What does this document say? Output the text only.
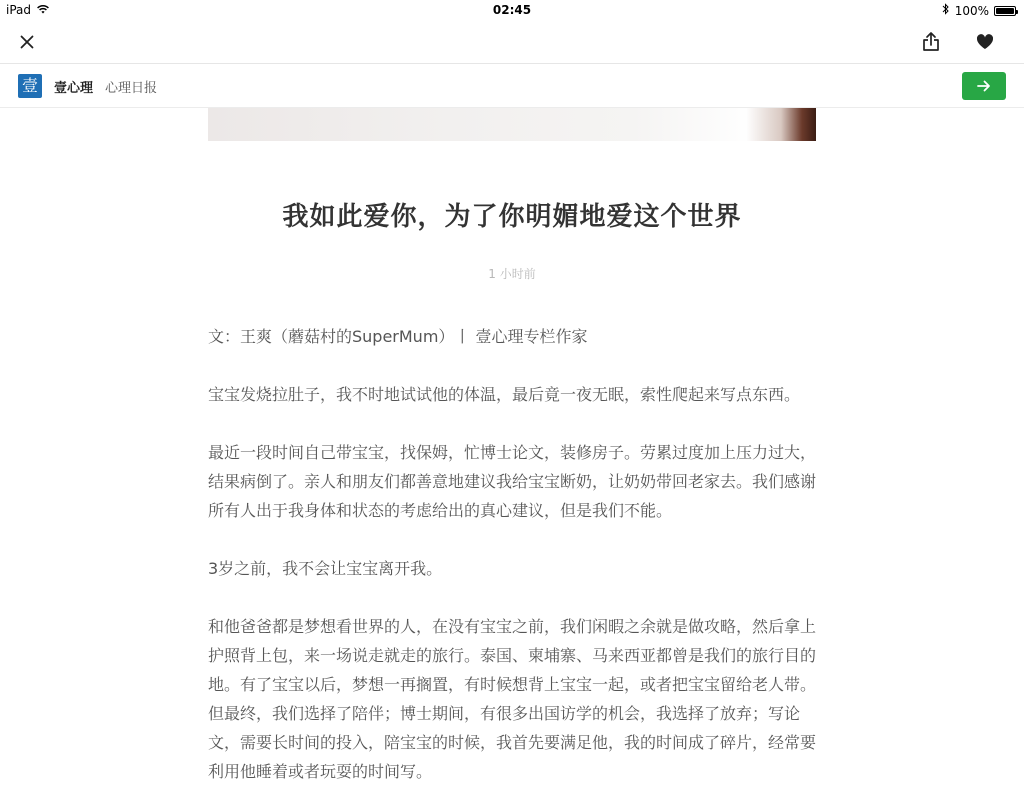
iPad	02:45	100%
壹	壹心理 心理日报
我如此爱你，为了你明媚地爱这个世界
1 小时前

文：王爽（蘑菇村的SuperMum）丨 壹心理专栏作家

宝宝发烧拉肚子，我不时地试试他的体温，最后竟一夜无眠，索性爬起来写点东西。

最近一段时间自己带宝宝，找保姆，忙博士论文，装修房子。劳累过度加上压力过大，结果病倒了。亲人和朋友们都善意地建议我给宝宝断奶，让奶奶带回老家去。我们感谢所有人出于我身体和状态的考虑给出的真心建议，但是我们不能。

3岁之前，我不会让宝宝离开我。

和他爸爸都是梦想看世界的人，在没有宝宝之前，我们闲暇之余就是做攻略，然后拿上护照背上包，来一场说走就走的旅行。泰国、柬埔寨、马来西亚都曾是我们的旅行目的地。有了宝宝以后，梦想一再搁置，有时候想背上宝宝一起，或者把宝宝留给老人带。但最终，我们选择了陪伴；博士期间，有很多出国访学的机会，我选择了放弃；写论文，需要长时间的投入，陪宝宝的时候，我首先要满足他，我的时间成了碎片，经常要利用他睡着或者玩耍的时间写。
